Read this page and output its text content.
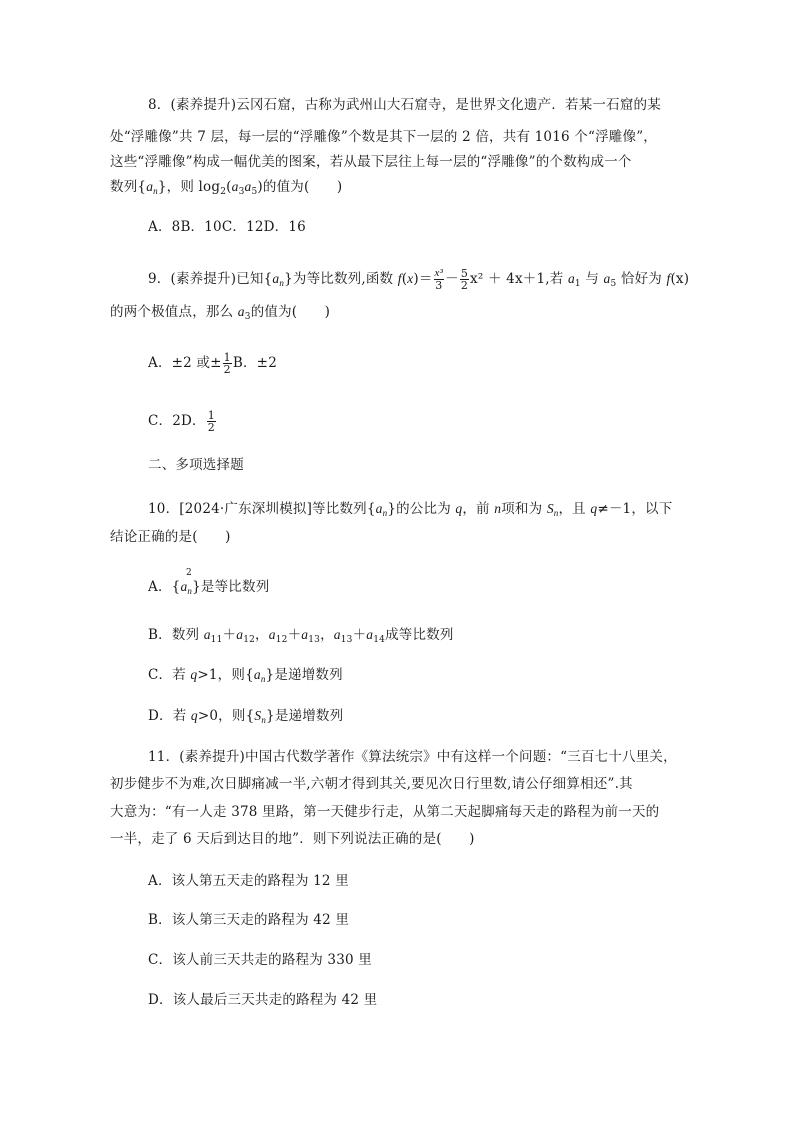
8．(素养提升)云冈石窟，古称为武州山大石窟寺，是世界文化遗产．若某一石窟的某
处“浮雕像”共 7 层，每一层的“浮雕像”个数是其下一层的 2 倍，共有 1016 个“浮雕像”，
这些“浮雕像”构成一幅优美的图案，若从最下层往上每一层的“浮雕像”的个数构成一个
数列$\{a_n\}$，则 $\log_2(a_3a_5)$的值为(　　)
A．8B．10C．12D．16
9．(素养提升)已知$\{a_n\}$为等比数列,函数 $f(x)= \frac{\text{x³}}{3} - \frac{5}{2} x^2 + 4x+1$,若 $a_1$ 与 $a_5$ 恰好为 f(x)
的两个极值点，那么 $a_3$的值为(　　)
A．±2 或± $\frac{1}{2}$ B．±2
C．2D． $\frac{1}{2}$
二、多项选择题
10．[2024·广东深圳模拟]等比数列$\{a_n\}$的公比为 q，前 n项和为 $S_n$，且 q≠－1，以下
结论正确的是(　　)
A．$\{a_n\}$是等比数列
2
B．数列 $a_{11}+a_{12}$，$a_{12}+a_{13}$，$a_{13}+a_{14}$成等比数列
C．若 q>1，则$\{a_n\}$是递增数列
D．若 q>0，则$\{S_n\}$是递增数列
11．(素养提升)中国古代数学著作《算法统宗》中有这样一个问题：“三百七十八里关，
初步健步不为难,次日脚痛减一半,六朝才得到其关,要见次日行里数,请公仔细算相还”.其
大意为：“有一人走 378 里路，第一天健步行走，从第二天起脚痛每天走的路程为前一天的
一半，走了 6 天后到达目的地”．则下列说法正确的是(　　)
A．该人第五天走的路程为 12 里
B．该人第三天走的路程为 42 里
C．该人前三天共走的路程为 330 里
D．该人最后三天共走的路程为 42 里
